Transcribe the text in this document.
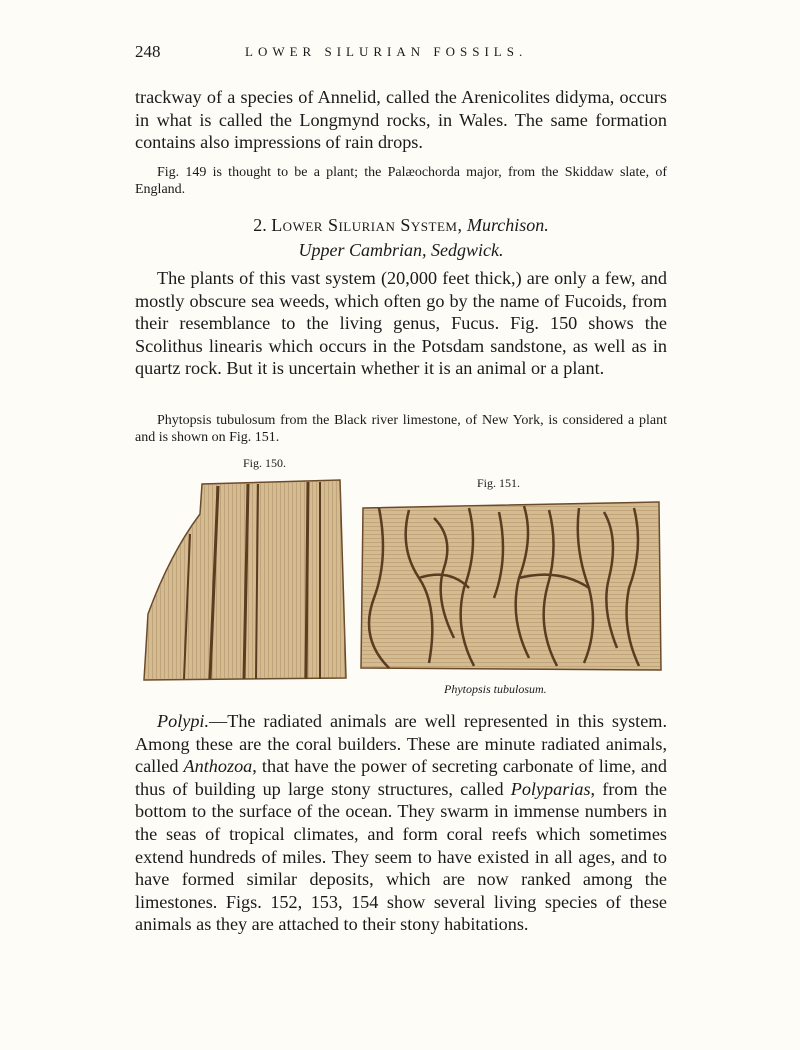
248	LOWER SILURIAN FOSSILS.
trackway of a species of Annelid, called the Arenicolites didyma, occurs in what is called the Longmynd rocks, in Wales. The same formation contains also impressions of rain drops.
Fig. 149 is thought to be a plant; the Palæochorda major, from the Skiddaw slate, of England.
2. Lower Silurian System, Murchison.
Upper Cambrian, Sedgwick.
The plants of this vast system (20,000 feet thick,) are only a few, and mostly obscure sea weeds, which often go by the name of Fucoids, from their resemblance to the living genus, Fucus. Fig. 150 shows the Scolithus linearis which occurs in the Potsdam sandstone, as well as in quartz rock. But it is uncertain whether it is an animal or a plant.
Phytopsis tubulosum from the Black river limestone, of New York, is considered a plant and is shown on Fig. 151.
Fig. 150.
Fig. 151.
Phytopsis tubulosum.
Polypi.—The radiated animals are well represented in this system. Among these are the coral builders. These are minute radiated animals, called Anthozoa, that have the power of secreting carbonate of lime, and thus of building up large stony structures, called Polyparias, from the bottom to the surface of the ocean. They swarm in immense numbers in the seas of tropical climates, and form coral reefs which sometimes extend hundreds of miles. They seem to have existed in all ages, and to have formed similar deposits, which are now ranked among the limestones. Figs. 152, 153, 154 show several living species of these animals as they are attached to their stony habitations.
